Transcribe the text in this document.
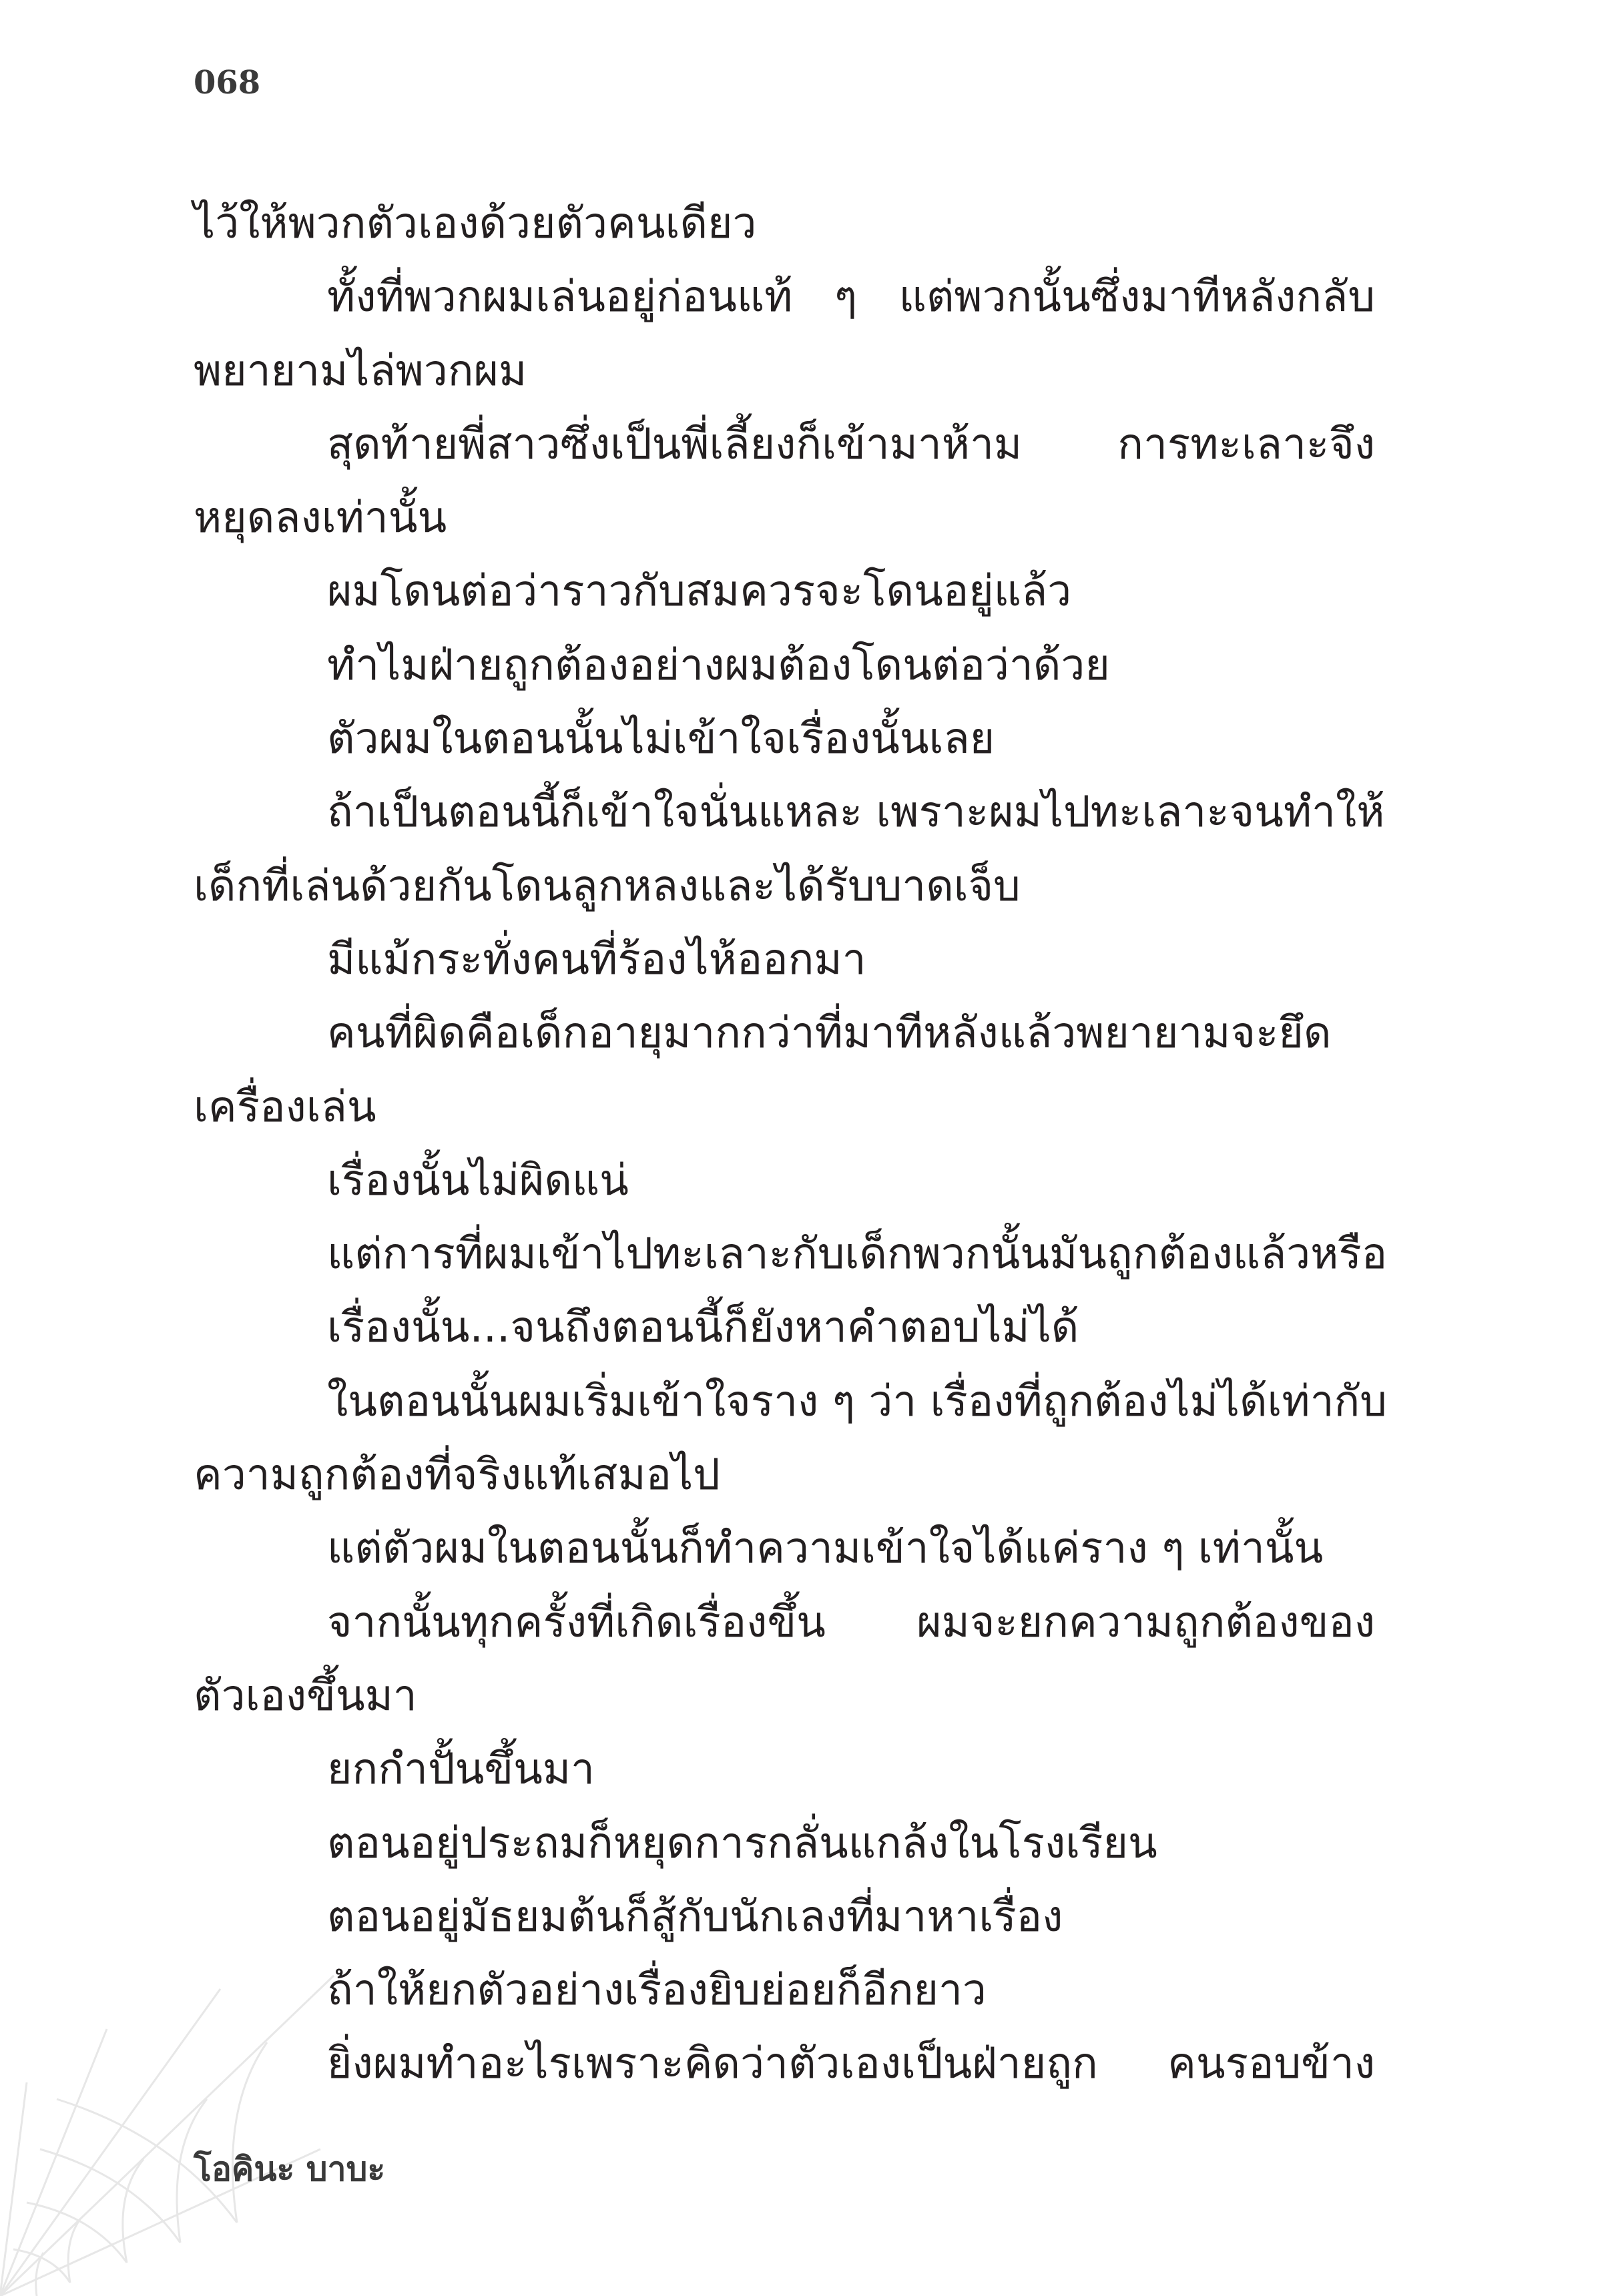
068
ไว้ให้พวกตัวเองด้วยตัวคนเดียว
ทั้งที่พวกผมเล่นอยู่ก่อนแท้ ๆ แต่พวกนั้นซึ่งมาทีหลังกลับ
พยายามไล่พวกผม
สุดท้ายพี่สาวซึ่งเป็นพี่เลี้ยงก็เข้ามาห้าม การทะเลาะจึง
หยุดลงเท่านั้น
ผมโดนต่อว่าราวกับสมควรจะโดนอยู่แล้ว
ทำไมฝ่ายถูกต้องอย่างผมต้องโดนต่อว่าด้วย
ตัวผมในตอนนั้นไม่เข้าใจเรื่องนั้นเลย
ถ้าเป็นตอนนี้ก็เข้าใจนั่นแหละ เพราะผมไปทะเลาะจนทำให้
เด็กที่เล่นด้วยกันโดนลูกหลงและได้รับบาดเจ็บ
มีแม้กระทั่งคนที่ร้องไห้ออกมา
คนที่ผิดคือเด็กอายุมากกว่าที่มาทีหลังแล้วพยายามจะยึด
เครื่องเล่น
เรื่องนั้นไม่ผิดแน่
แต่การที่ผมเข้าไปทะเลาะกับเด็กพวกนั้นมันถูกต้องแล้วหรือ
เรื่องนั้น...จนถึงตอนนี้ก็ยังหาคำตอบไม่ได้
ในตอนนั้นผมเริ่มเข้าใจราง ๆ ว่า เรื่องที่ถูกต้องไม่ได้เท่ากับ
ความถูกต้องที่จริงแท้เสมอไป
แต่ตัวผมในตอนนั้นก็ทำความเข้าใจได้แค่ราง ๆ เท่านั้น
จากนั้นทุกครั้งที่เกิดเรื่องขึ้น ผมจะยกความถูกต้องของ
ตัวเองขึ้นมา
ยกกำปั้นขึ้นมา
ตอนอยู่ประถมก็หยุดการกลั่นแกล้งในโรงเรียน
ตอนอยู่มัธยมต้นก็สู้กับนักเลงที่มาหาเรื่อง
ถ้าให้ยกตัวอย่างเรื่องยิบย่อยก็อีกยาว
ยิ่งผมทำอะไรเพราะคิดว่าตัวเองเป็นฝ่ายถูก คนรอบข้าง
โอคินะ บาบะ
